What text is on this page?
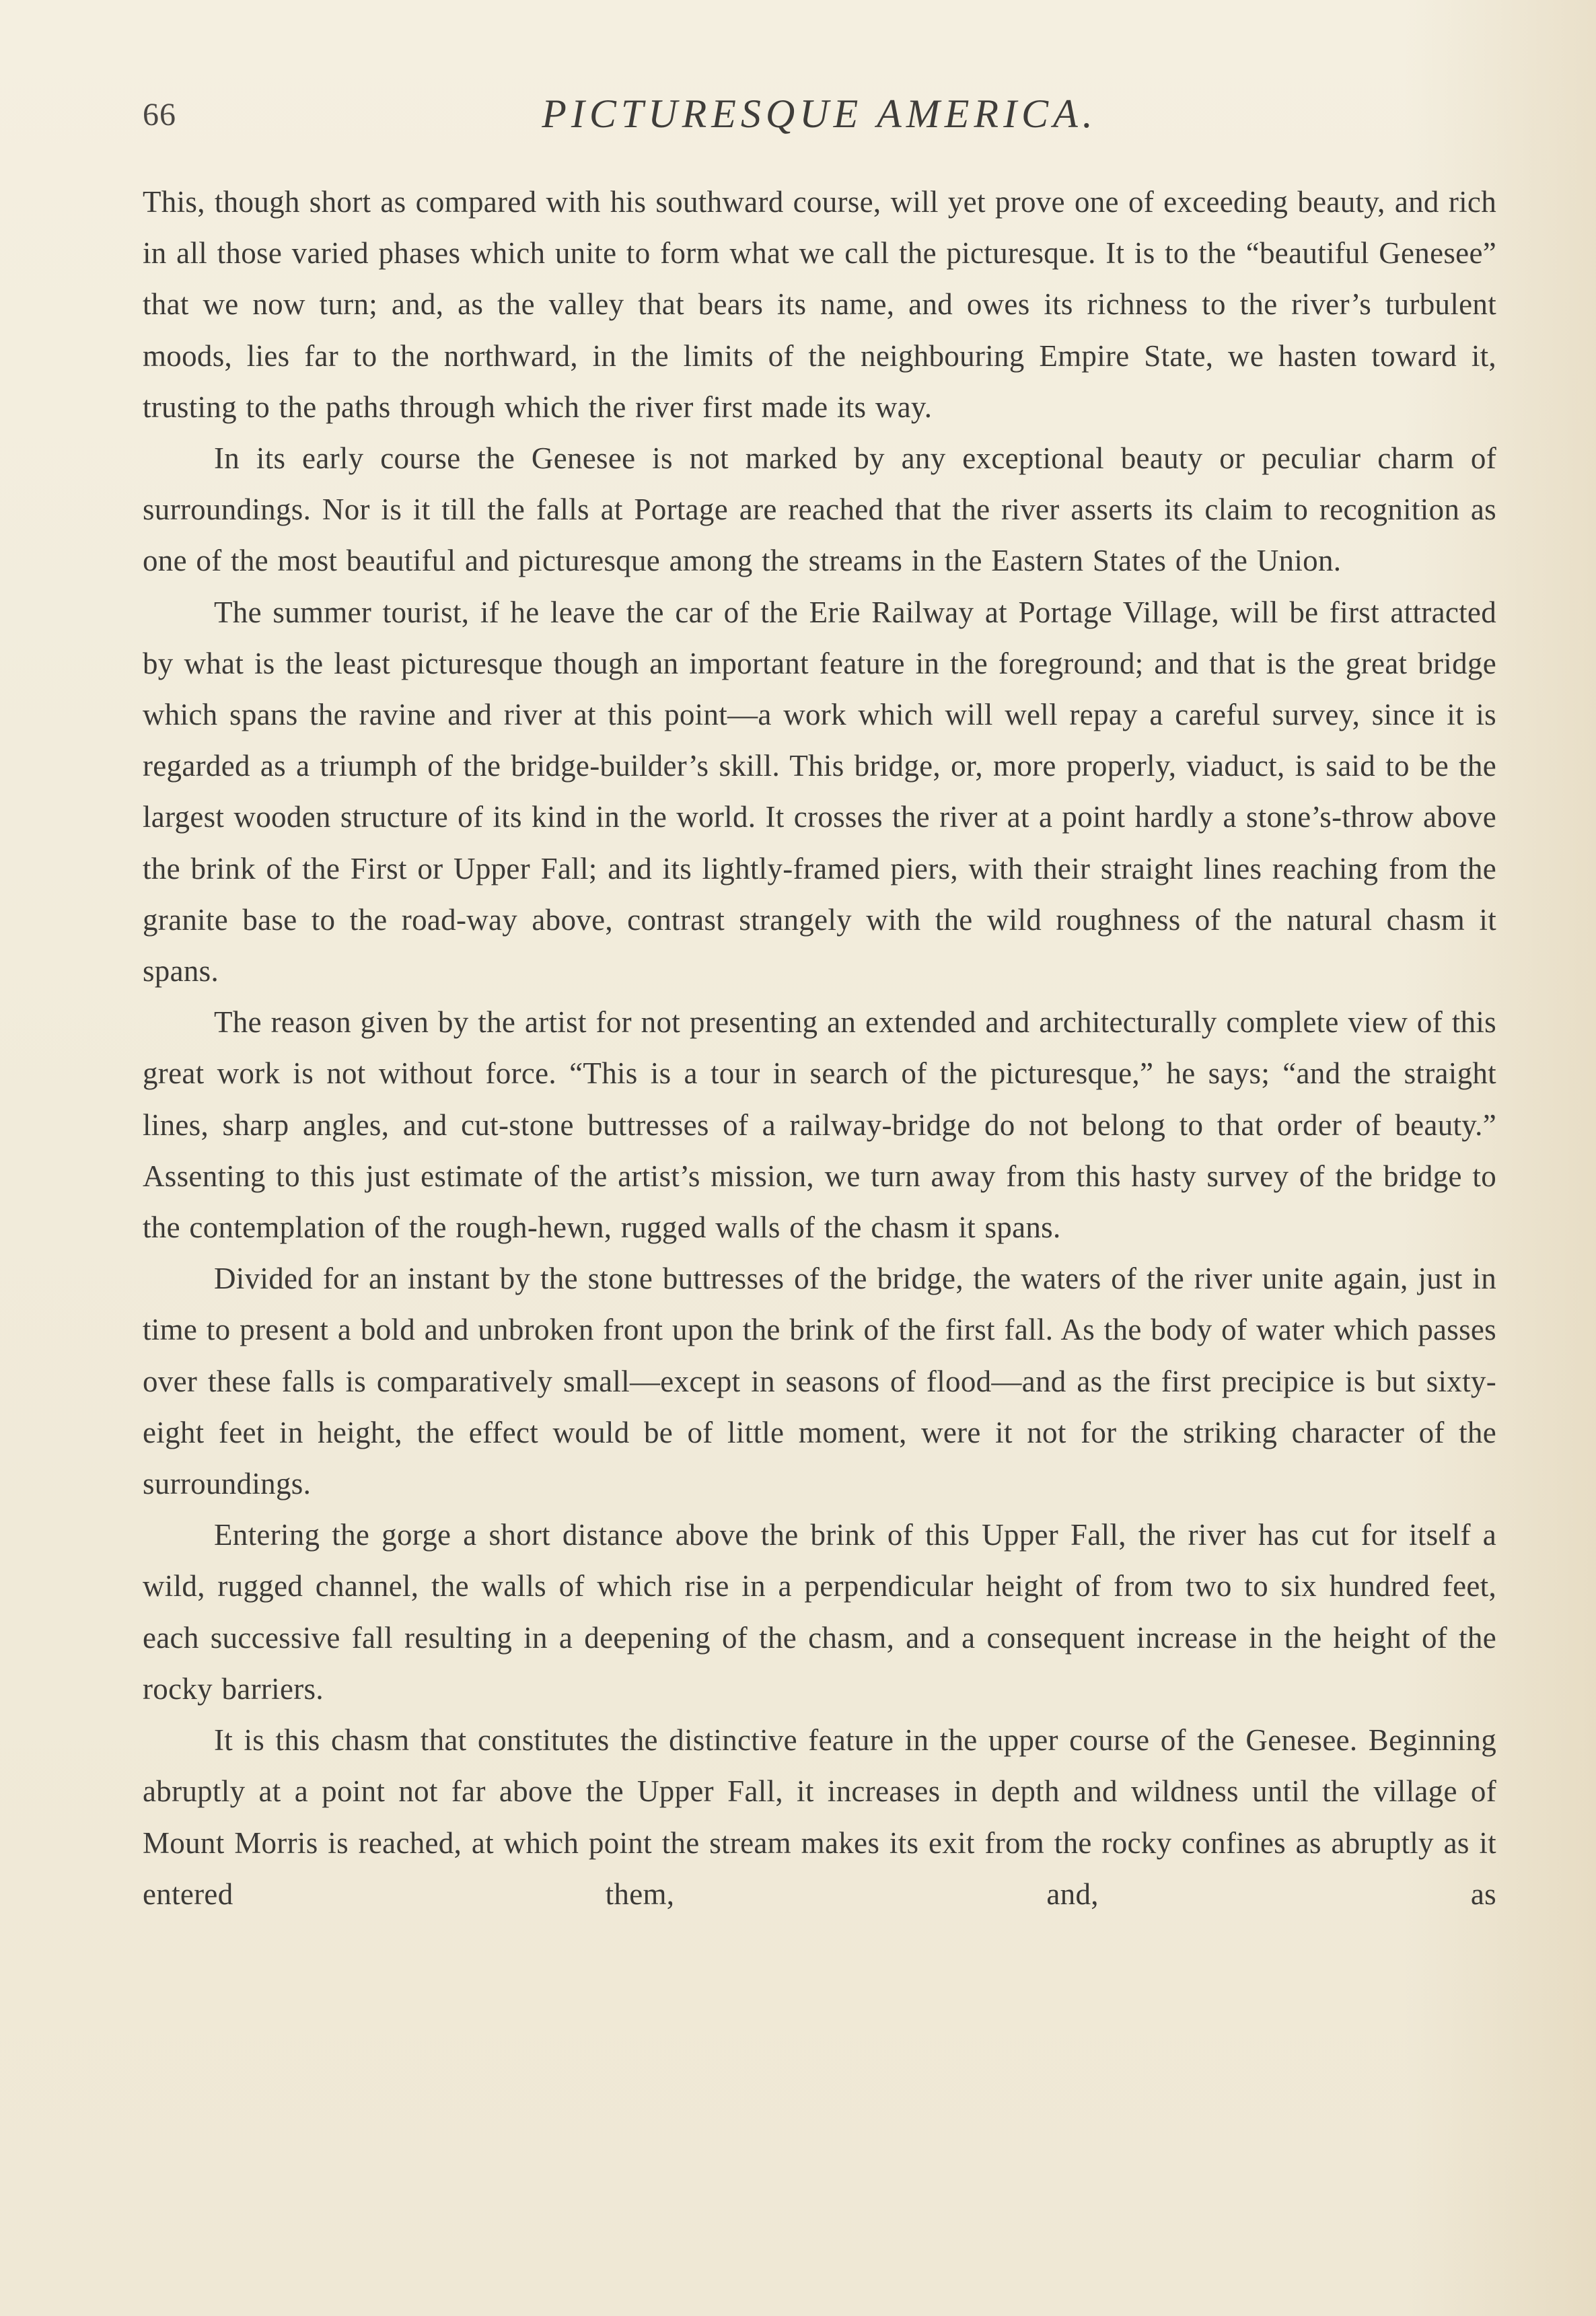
66	PICTURESQUE AMERICA.

This, though short as compared with his southward course, will yet prove one of exceeding beauty, and rich in all those varied phases which unite to form what we call the picturesque. It is to the “beautiful Genesee” that we now turn; and, as the valley that bears its name, and owes its richness to the river’s turbulent moods, lies far to the northward, in the limits of the neighbouring Empire State, we hasten toward it, trusting to the paths through which the river first made its way.

In its early course the Genesee is not marked by any exceptional beauty or peculiar charm of surroundings. Nor is it till the falls at Portage are reached that the river asserts its claim to recognition as one of the most beautiful and picturesque among the streams in the Eastern States of the Union.

The summer tourist, if he leave the car of the Erie Railway at Portage Village, will be first attracted by what is the least picturesque though an important feature in the foreground; and that is the great bridge which spans the ravine and river at this point—a work which will well repay a careful survey, since it is regarded as a triumph of the bridge-builder’s skill. This bridge, or, more properly, viaduct, is said to be the largest wooden structure of its kind in the world. It crosses the river at a point hardly a stone’s-throw above the brink of the First or Upper Fall; and its lightly-framed piers, with their straight lines reaching from the granite base to the road-way above, contrast strangely with the wild roughness of the natural chasm it spans.

The reason given by the artist for not presenting an extended and architecturally complete view of this great work is not without force. “This is a tour in search of the picturesque,” he says; “and the straight lines, sharp angles, and cut-stone buttresses of a railway-bridge do not belong to that order of beauty.” Assenting to this just estimate of the artist’s mission, we turn away from this hasty survey of the bridge to the contemplation of the rough-hewn, rugged walls of the chasm it spans.

Divided for an instant by the stone buttresses of the bridge, the waters of the river unite again, just in time to present a bold and unbroken front upon the brink of the first fall. As the body of water which passes over these falls is comparatively small—except in seasons of flood—and as the first precipice is but sixty-eight feet in height, the effect would be of little moment, were it not for the striking character of the surroundings.

Entering the gorge a short distance above the brink of this Upper Fall, the river has cut for itself a wild, rugged channel, the walls of which rise in a perpendicular height of from two to six hundred feet, each successive fall resulting in a deepening of the chasm, and a consequent increase in the height of the rocky barriers.

It is this chasm that constitutes the distinctive feature in the upper course of the Genesee. Beginning abruptly at a point not far above the Upper Fall, it increases in depth and wildness until the village of Mount Morris is reached, at which point the stream makes its exit from the rocky confines as abruptly as it entered them, and, as
